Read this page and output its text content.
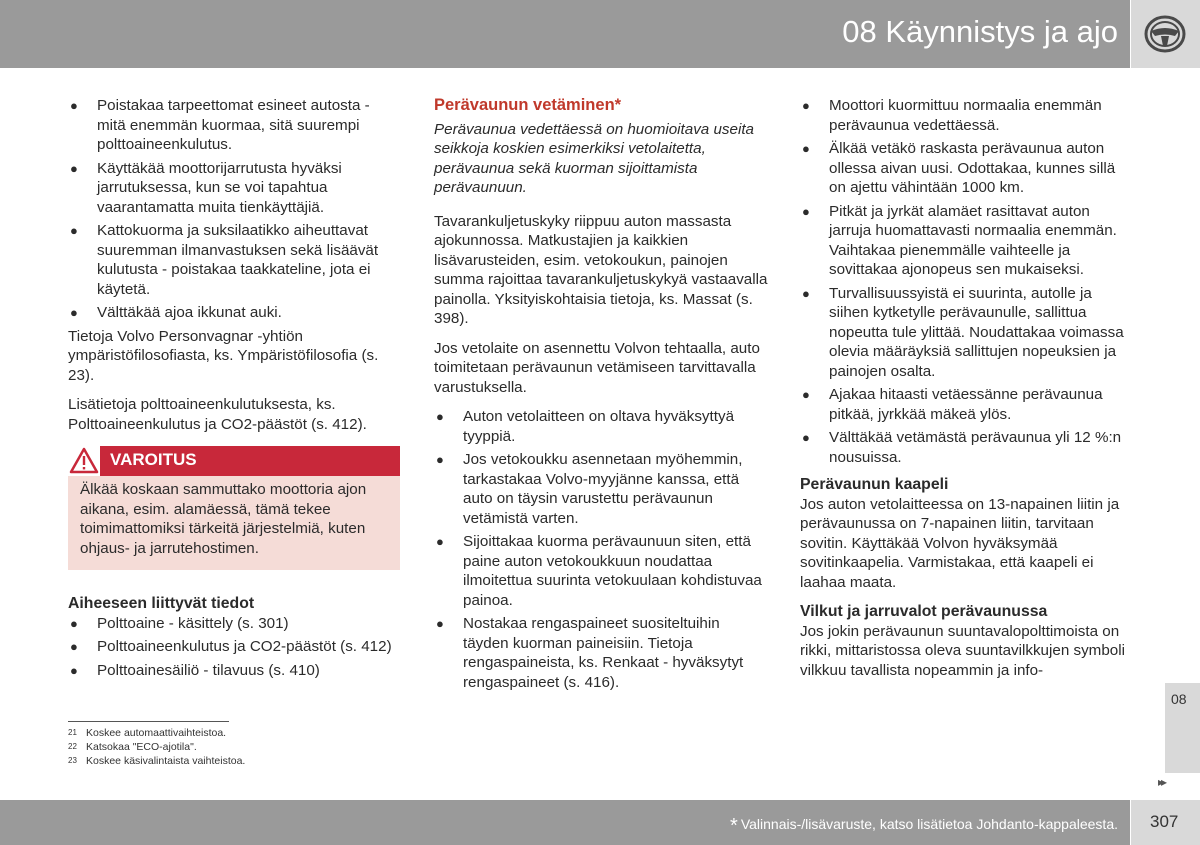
08 Käynnistys ja ajo
● Poistakaa tarpeettomat esineet autosta - mitä enemmän kuormaa, sitä suurempi polttoaineenkulutus.
● Käyttäkää moottorijarrutusta hyväksi jarrutuksessa, kun se voi tapahtua vaarantamatta muita tienkäyttäjiä.
● Kattokuorma ja suksilaatikko aiheuttavat suuremman ilmanvastuksen sekä lisäävät kulutusta - poistakaa taakkateline, jota ei käytetä.
● Välttäkää ajoa ikkunat auki.

Tietoja Volvo Personvagnar -yhtiön ympäristöfilosofiasta, ks. Ympäristöfilosofia (s. 23).

Lisätietoja polttoaineenkulutuksesta, ks. Polttoaineenkulutus ja CO2-päästöt (s. 412).

VAROITUS
Älkää koskaan sammuttako moottoria ajon aikana, esim. alamäessä, tämä tekee toimimattomiksi tärkeitä järjestelmiä, kuten ohjaus- ja jarrutehostimen.
Aiheeseen liittyvät tiedot
● Polttoaine - käsittely (s. 301)
● Polttoaineenkulutus ja CO2-päästöt (s. 412)
● Polttoainesäiliö - tilavuus (s. 410)
Perävaunun vetäminen*

Perävaunua vedettäessä on huomioitava useita seikkoja koskien esimerkiksi vetolaitetta, perävaunua sekä kuorman sijoittamista perävaunuun.

Tavarankuljetuskyky riippuu auton massasta ajokunnossa. Matkustajien ja kaikkien lisävarusteiden, esim. vetokoukun, painojen summa rajoittaa tavarankuljetuskykyä vastaavalla painolla. Yksityiskohtaisia tietoja, ks. Massat (s. 398).

Jos vetolaite on asennettu Volvon tehtaalla, auto toimitetaan perävaunun vetämiseen tarvittavalla varustuksella.

● Auton vetolaitteen on oltava hyväksyttyä tyyppiä.
● Jos vetokoukku asennetaan myöhemmin, tarkastakaa Volvo-myyjänne kanssa, että auto on täysin varustettu perävaunun vetämistä varten.
● Sijoittakaa kuorma perävaunuun siten, että paine auton vetokoukkuun noudattaa ilmoitettua suurinta vetokuulaan kohdistuvaa painoa.
● Nostakaa rengaspaineet suositeltuihin täyden kuorman paineisiin. Tietoja rengaspaineista, ks. Renkaat - hyväksytyt rengaspaineet (s. 416).
● Moottori kuormittuu normaalia enemmän perävaunua vedettäessä.
● Älkää vetäkö raskasta perävaunua auton ollessa aivan uusi. Odottakaa, kunnes sillä on ajettu vähintään 1000 km.
● Pitkät ja jyrkät alamäet rasittavat auton jarruja huomattavasti normaalia enemmän. Vaihtakaa pienemmälle vaihteelle ja sovittakaa ajonopeus sen mukaiseksi.
● Turvallisuussyistä ei suurinta, autolle ja siihen kytketylle perävaunulle, sallittua nopeutta tule ylittää. Noudattakaa voimassa olevia määräyksiä sallittujen nopeuksien ja painojen osalta.
● Ajakaa hitaasti vetäessänne perävaunua pitkää, jyrkkää mäkeä ylös.
● Välttäkää vetämästä perävaunua yli 12 %:n nousuissa.
Perävaunun kaapeli

Jos auton vetolaitteessa on 13-napainen liitin ja perävaunussa on 7-napainen liitin, tarvitaan sovitin. Käyttäkää Volvon hyväksymää sovitinkaapelia. Varmistakaa, että kaapeli ei laahaa maata.

Vilkut ja jarruvalot perävaunussa

Jos jokin perävaunun suuntavalopolttimoista on rikki, mittaristossa oleva suuntavilkkujen symboli vilkkuu tavallista nopeammin ja info-

$^{21}$ Koskee automaattivaihteistoa.
$^{22}$ Katsokaa "ECO-ajotila".
$^{23}$ Koskee käsivalintaista vaihteistoa.
08
▸▸
* Valinnais-/lisävaruste, katso lisätietoa Johdanto-kappaleesta. 307
